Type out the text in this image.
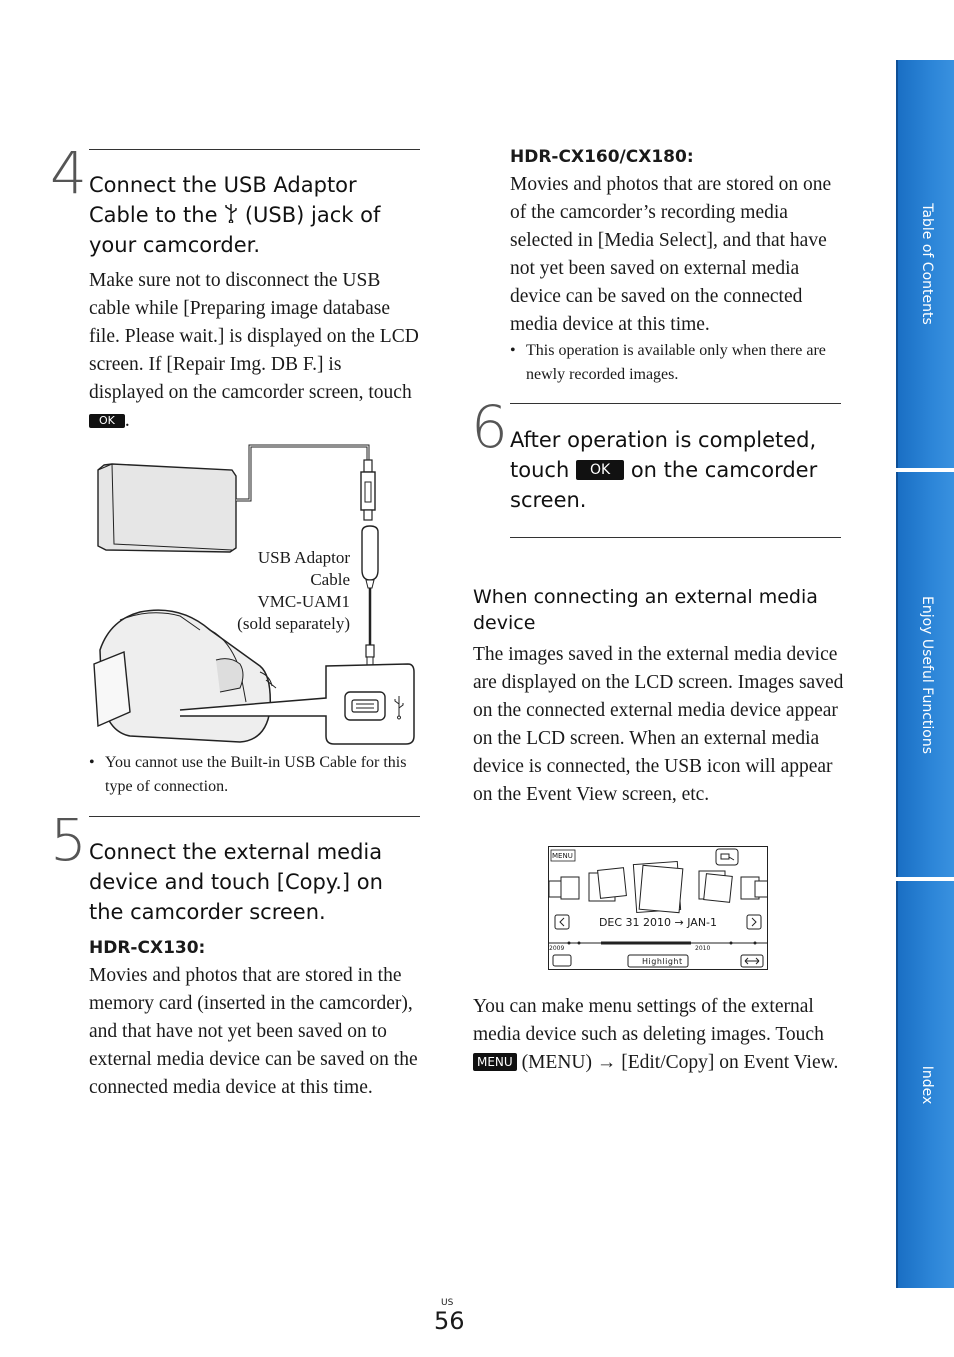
Table of Contents
Enjoy Useful Functions
Index
4 Connect the USB Adaptor Cable to the  (USB) jack of your camcorder.
Make sure not to disconnect the USB cable while [Preparing image database file. Please wait.] is displayed on the LCD screen. If [Repair Img. DB F.] is displayed on the camcorder screen, touch OK .
USB Adaptor
Cable
VMC-UAM1
(sold separately)
• You cannot use the Built-in USB Cable for this type of connection.
5 Connect the external media device and touch [Copy.] on the camcorder screen.
HDR-CX130:
Movies and photos that are stored in the memory card (inserted in the camcorder), and that have not yet been saved on to external media device can be saved on the connected media device at this time.
HDR-CX160/CX180:
Movies and photos that are stored on one of the camcorder’s recording media selected in [Media Select], and that have not yet been saved on external media device can be saved on the connected media device at this time.
• This operation is available only when there are newly recorded images.
6 After operation is completed, touch OK on the camcorder screen.
When connecting an external media device
The images saved in the external media device are displayed on the LCD screen. Images saved on the connected external media device appear on the LCD screen. When an external media device is connected, the USB icon will appear on the Event View screen, etc.
MENU
DEC 31 2010 → JAN-1
2009	2010
Highlight
You can make menu settings of the external media device such as deleting images. Touch MENU (MENU) → [Edit/Copy] on Event View.
US
56
